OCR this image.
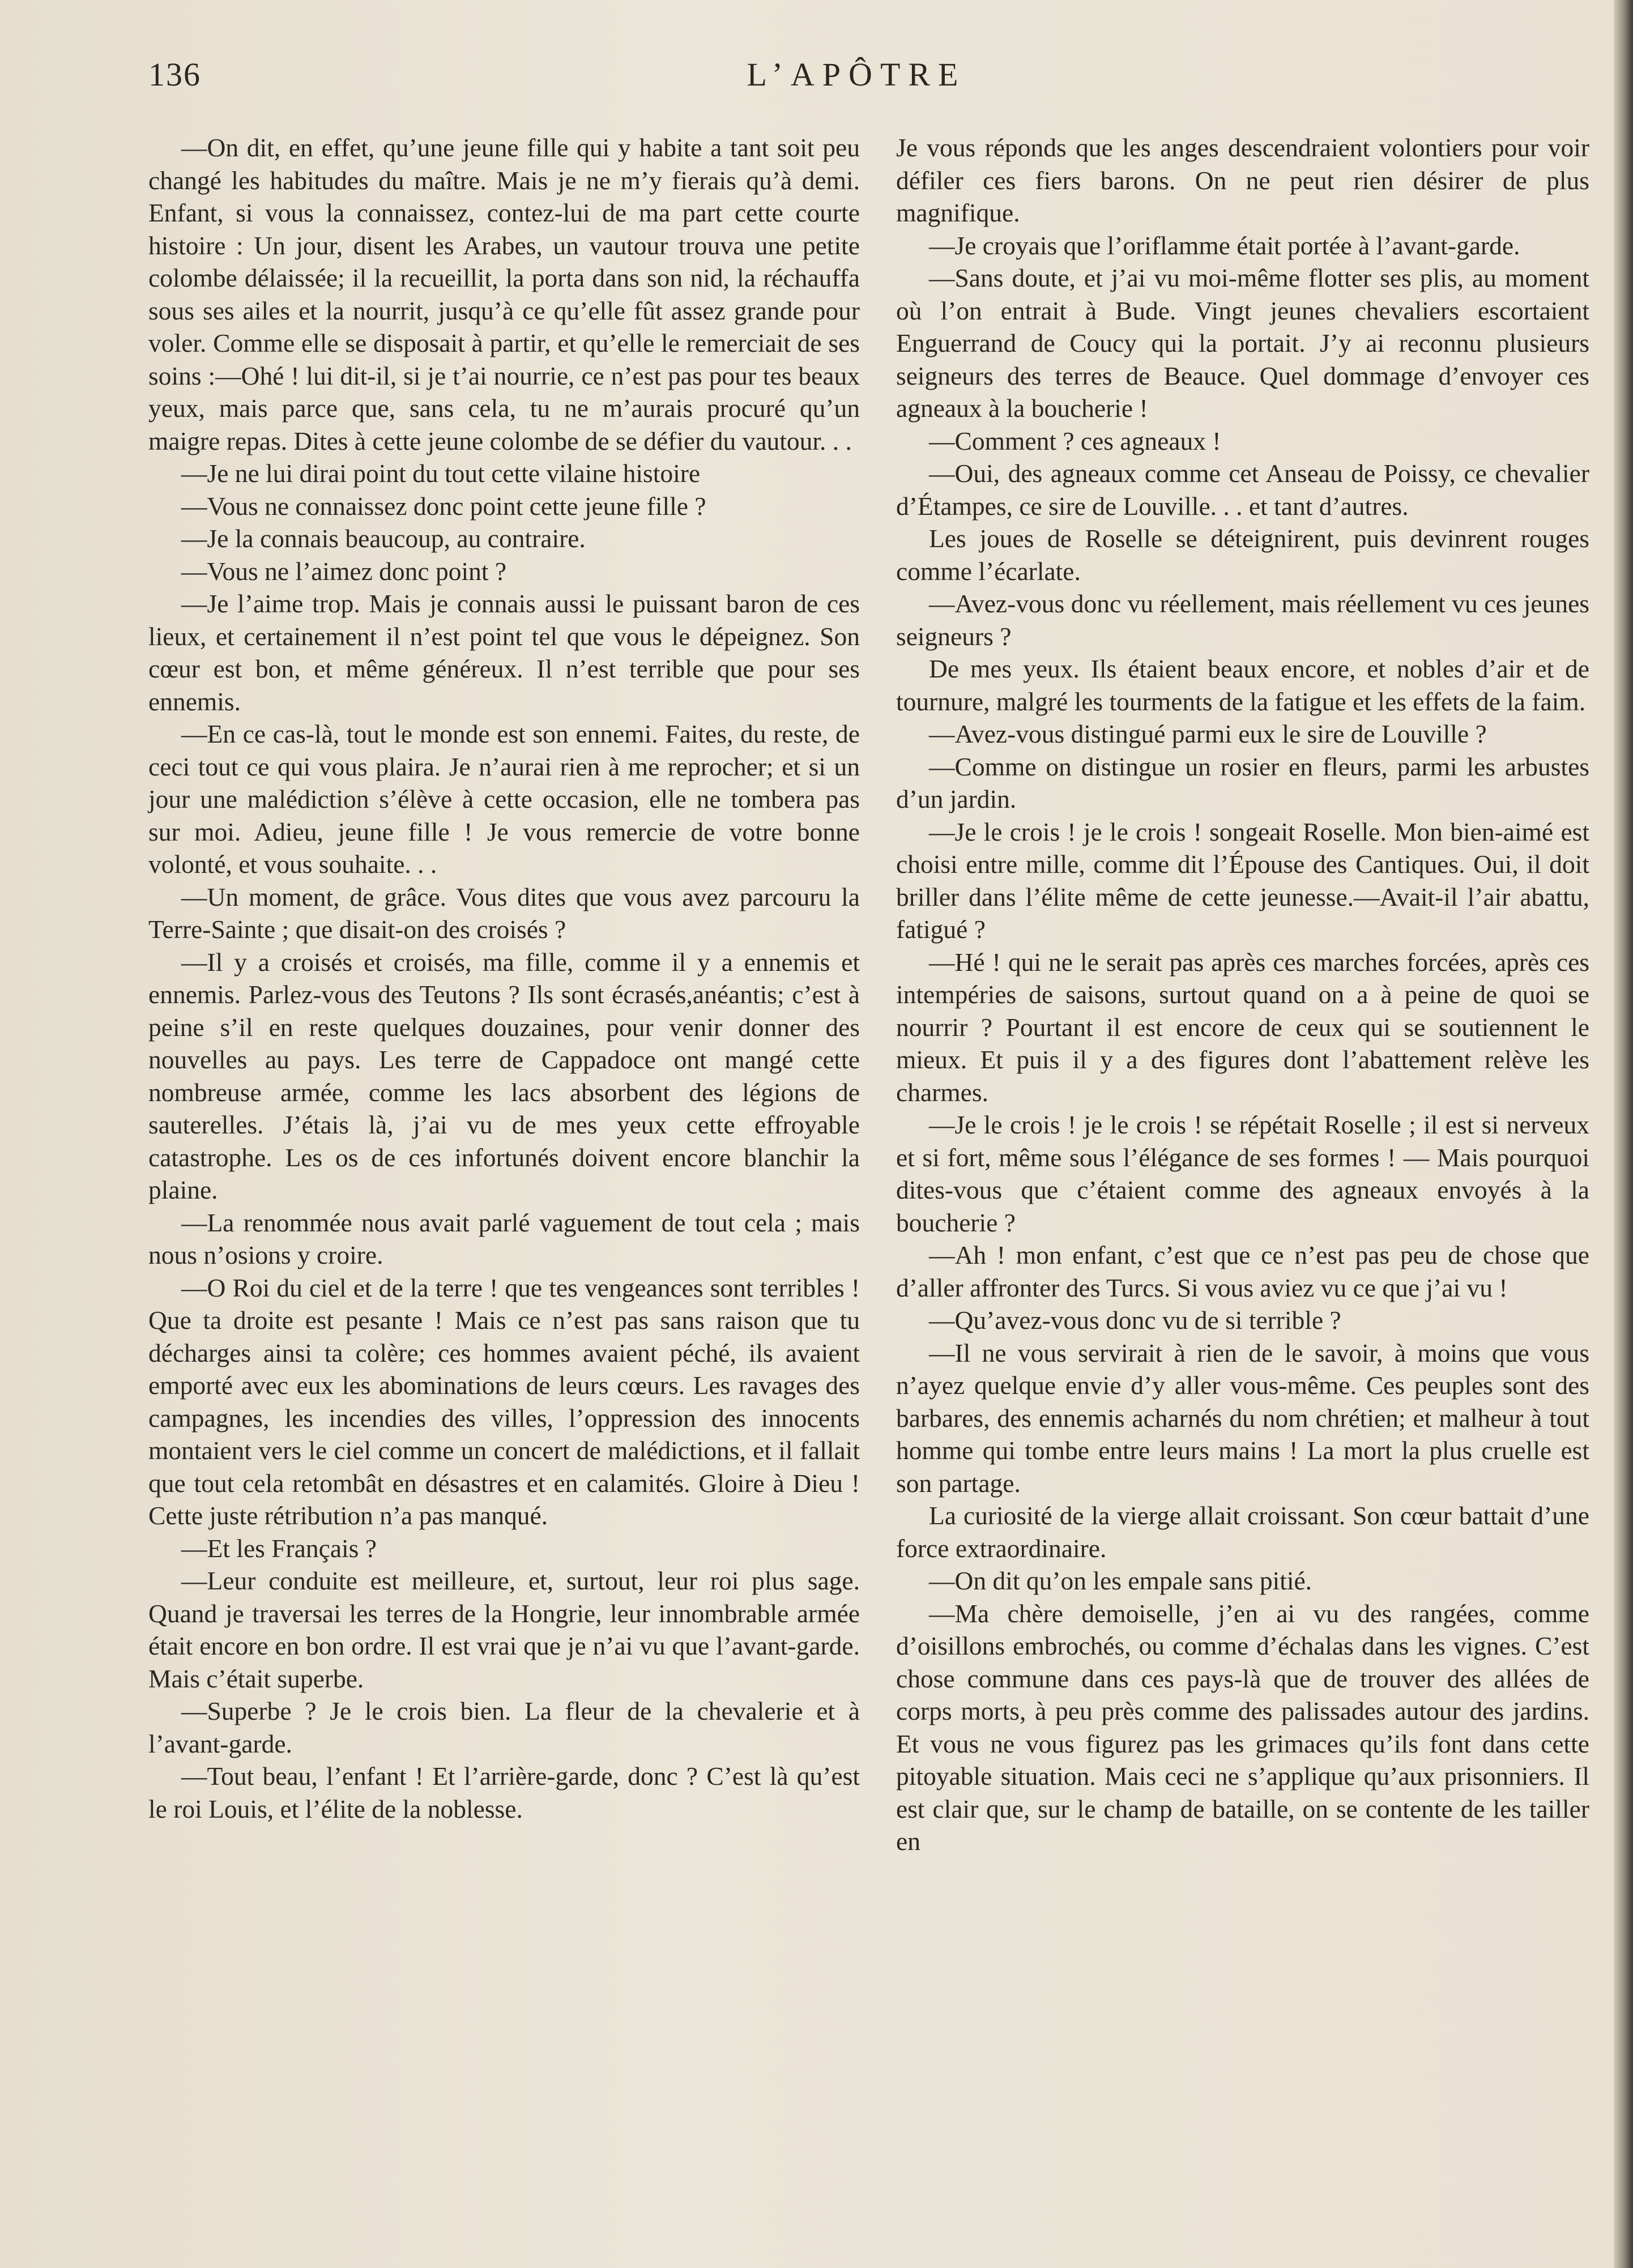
136	L’APÔTRE

—On dit, en effet, qu’une jeune fille qui y habite a tant soit peu changé les habitudes du maître. Mais je ne m’y fierais qu’à demi. Enfant, si vous la connaissez, contez-lui de ma part cette courte histoire : Un jour, disent les Arabes, un vautour trouva une petite colombe délaissée; il la recueillit, la porta dans son nid, la réchauffa sous ses ailes et la nourrit, jusqu’à ce qu’elle fût assez grande pour voler. Comme elle se disposait à partir, et qu’elle le remerciait de ses soins :—Ohé ! lui dit-il, si je t’ai nourrie, ce n’est pas pour tes beaux yeux, mais parce que, sans cela, tu ne m’aurais procuré qu’un maigre repas. Dites à cette jeune colombe de se défier du vautour. . .

—Je ne lui dirai point du tout cette vilaine histoire

—Vous ne connaissez donc point cette jeune fille ?

—Je la connais beaucoup, au contraire.

—Vous ne l’aimez donc point ?

—Je l’aime trop. Mais je connais aussi le puissant baron de ces lieux, et certainement il n’est point tel que vous le dépeignez. Son cœur est bon, et même généreux. Il n’est terrible que pour ses ennemis.

—En ce cas-là, tout le monde est son ennemi. Faites, du reste, de ceci tout ce qui vous plaira. Je n’aurai rien à me reprocher; et si un jour une malédiction s’élève à cette occasion, elle ne tombera pas sur moi. Adieu, jeune fille ! Je vous remercie de votre bonne volonté, et vous souhaite. . .

—Un moment, de grâce. Vous dites que vous avez parcouru la Terre-Sainte ; que disait-on des croisés ?

—Il y a croisés et croisés, ma fille, comme il y a ennemis et ennemis. Parlez-vous des Teutons ? Ils sont écrasés,anéantis; c’est à peine s’il en reste quelques douzaines, pour venir donner des nouvelles au pays. Les terre de Cappadoce ont mangé cette nombreuse armée, comme les lacs absorbent des légions de sauterelles. J’étais là, j’ai vu de mes yeux cette effroyable catastrophe. Les os de ces infortunés doivent encore blanchir la plaine.

—La renommée nous avait parlé vaguement de tout cela ; mais nous n’osions y croire.

—O Roi du ciel et de la terre ! que tes vengeances sont terribles ! Que ta droite est pesante ! Mais ce n’est pas sans raison que tu décharges ainsi ta colère; ces hommes avaient péché, ils avaient emporté avec eux les abominations de leurs cœurs. Les ravages des campagnes, les incendies des villes, l’oppression des innocents montaient vers le ciel comme un concert de malédictions, et il fallait que tout cela retombât en désastres et en calamités. Gloire à Dieu ! Cette juste rétribution n’a pas manqué.

—Et les Français ?

—Leur conduite est meilleure, et, surtout, leur roi plus sage. Quand je traversai les terres de la Hongrie, leur innombrable armée était encore en bon ordre. Il est vrai que je n’ai vu que l’avant-garde. Mais c’était superbe.

—Superbe ? Je le crois bien. La fleur de la chevalerie et à l’avant-garde.

—Tout beau, l’enfant ! Et l’arrière-garde, donc ? C’est là qu’est le roi Louis, et l’élite de la noblesse.

Je vous réponds que les anges descendraient volontiers pour voir défiler ces fiers barons. On ne peut rien désirer de plus magnifique.

—Je croyais que l’oriflamme était portée à l’avant-garde.

—Sans doute, et j’ai vu moi-même flotter ses plis, au moment où l’on entrait à Bude. Vingt jeunes chevaliers escortaient Enguerrand de Coucy qui la portait. J’y ai reconnu plusieurs seigneurs des terres de Beauce. Quel dommage d’envoyer ces agneaux à la boucherie !

—Comment ? ces agneaux !

—Oui, des agneaux comme cet Anseau de Poissy, ce chevalier d’Étampes, ce sire de Louville. . . et tant d’autres.

Les joues de Roselle se déteignirent, puis devinrent rouges comme l’écarlate.

—Avez-vous donc vu réellement, mais réellement vu ces jeunes seigneurs ?

De mes yeux. Ils étaient beaux encore, et nobles d’air et de tournure, malgré les tourments de la fatigue et les effets de la faim.

—Avez-vous distingué parmi eux le sire de Louville ?

—Comme on distingue un rosier en fleurs, parmi les arbustes d’un jardin.

—Je le crois ! je le crois ! songeait Roselle. Mon bien-aimé est choisi entre mille, comme dit l’Épouse des Cantiques. Oui, il doit briller dans l’élite même de cette jeunesse.—Avait-il l’air abattu, fatigué ?

—Hé ! qui ne le serait pas après ces marches forcées, après ces intempéries de saisons, surtout quand on a à peine de quoi se nourrir ? Pourtant il est encore de ceux qui se soutiennent le mieux. Et puis il y a des figures dont l’abattement relève les charmes.

—Je le crois ! je le crois ! se répétait Roselle ; il est si nerveux et si fort, même sous l’élégance de ses formes ! — Mais pourquoi dites-vous que c’étaient comme des agneaux envoyés à la boucherie ?

—Ah ! mon enfant, c’est que ce n’est pas peu de chose que d’aller affronter des Turcs. Si vous aviez vu ce que j’ai vu !

—Qu’avez-vous donc vu de si terrible ?

—Il ne vous servirait à rien de le savoir, à moins que vous n’ayez quelque envie d’y aller vous-même. Ces peuples sont des barbares, des ennemis acharnés du nom chrétien; et malheur à tout homme qui tombe entre leurs mains ! La mort la plus cruelle est son partage.

La curiosité de la vierge allait croissant. Son cœur battait d’une force extraordinaire.

—On dit qu’on les empale sans pitié.

—Ma chère demoiselle, j’en ai vu des rangées, comme d’oisillons embrochés, ou comme d’échalas dans les vignes. C’est chose commune dans ces pays-là que de trouver des allées de corps morts, à peu près comme des palissades autour des jardins. Et vous ne vous figurez pas les grimaces qu’ils font dans cette pitoyable situation. Mais ceci ne s’applique qu’aux prisonniers. Il est clair que, sur le champ de bataille, on se contente de les tailler en
